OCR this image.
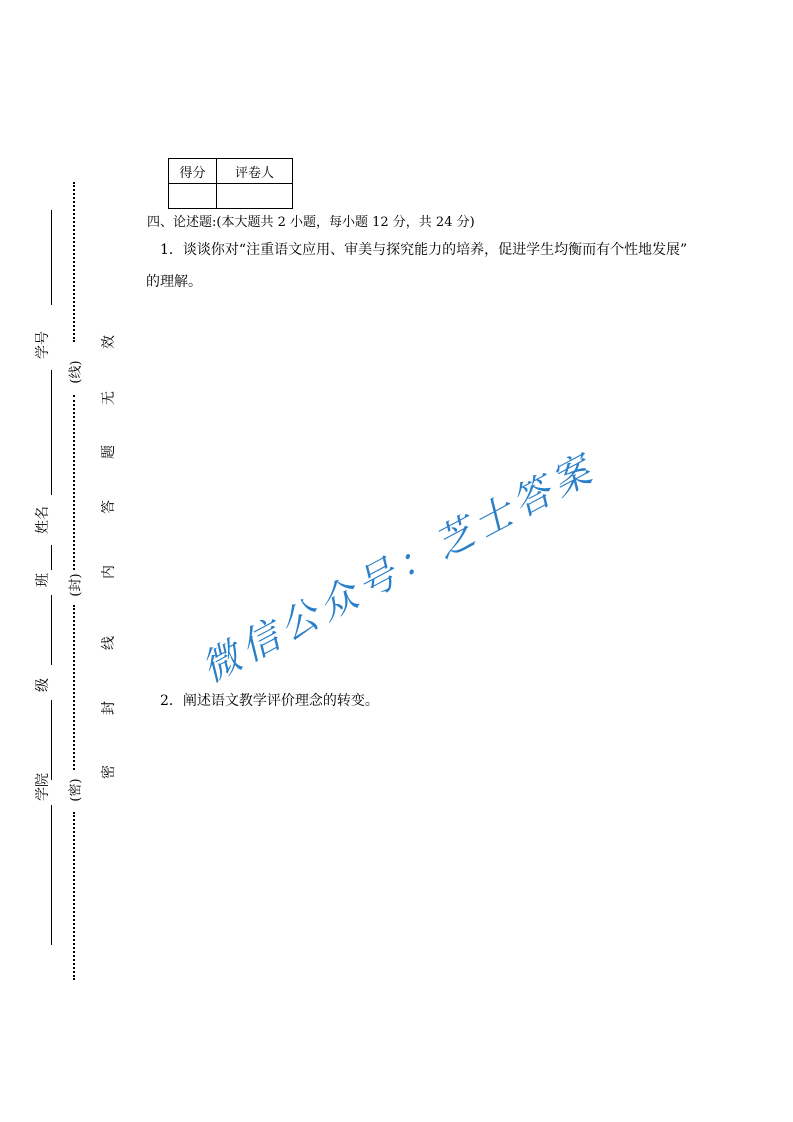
学号
姓名
班
级
学院
(线)
(封)
(密)
效
无
题
答
内
线
封
密
得分	评卷人

四、论述题:(本大题共 2 小题，每小题 12 分，共 24 分)
1．谈谈你对“注重语文应用、审美与探究能力的培养，促进学生均衡而有个性地发展”
的理解。
2．阐述语文教学评价理念的转变。
微信公众号：芝士答案
